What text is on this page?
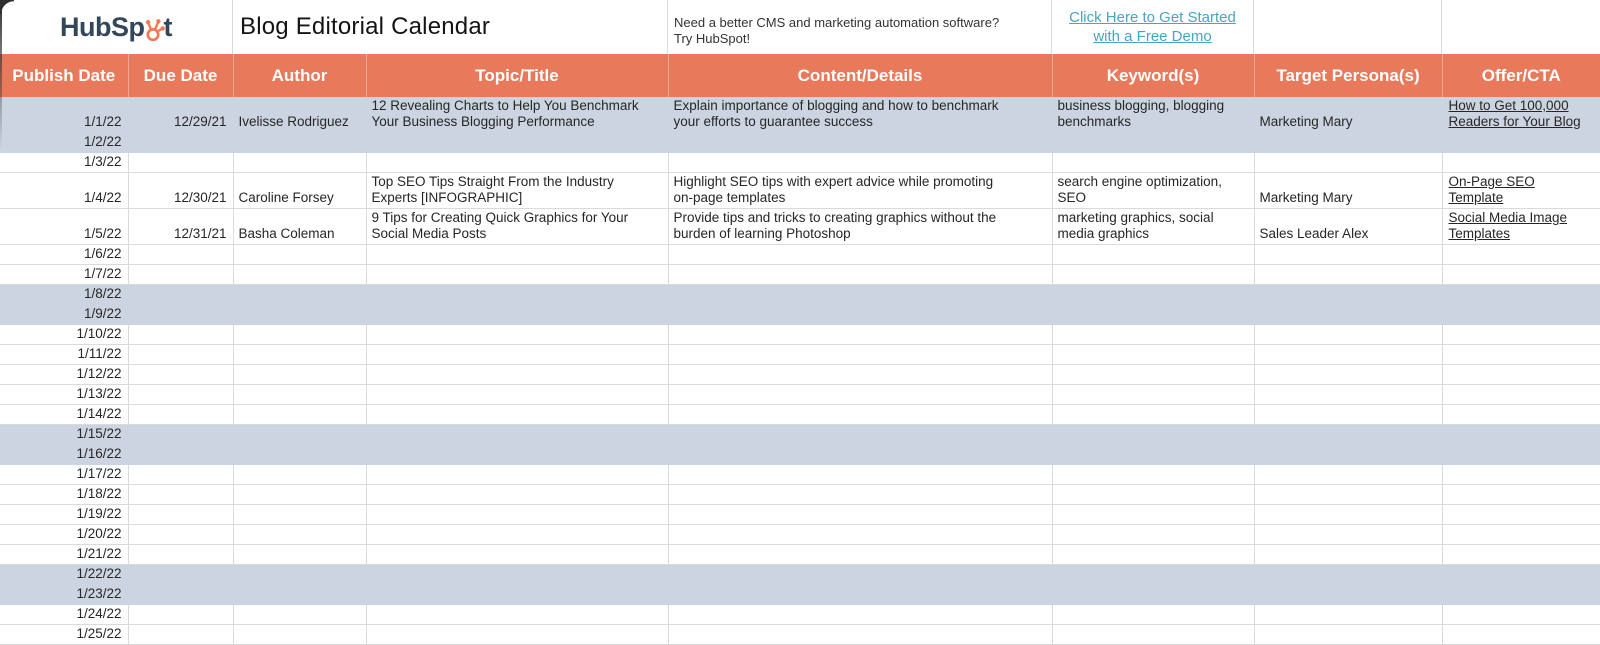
HubSp t	Blog Editorial Calendar	Need a better CMS and marketing automation software?
Try HubSpot!
Click Here to Get Started with a Free Demo
Publish Date	Due Date	Author	Topic/Title	Content/Details	Keyword(s)	Target Persona(s)	Offer/CTA
1/1/22	12/29/21	Ivelisse Rodriguez	12 Revealing Charts to Help You Benchmark Your Business Blogging Performance	Explain importance of blogging and how to benchmark your efforts to guarantee success	business blogging, blogging benchmarks	Marketing Mary	How to Get 100,000 Readers for Your Blog
1/2/22							
1/3/22							
1/4/22	12/30/21	Caroline Forsey	Top SEO Tips Straight From the Industry Experts [INFOGRAPHIC]	Highlight SEO tips with expert advice while promoting on-page templates	search engine optimization, SEO	Marketing Mary	On-Page SEO Template
1/5/22	12/31/21	Basha Coleman	9 Tips for Creating Quick Graphics for Your Social Media Posts	Provide tips and tricks to creating graphics without the burden of learning Photoshop	marketing graphics, social media graphics	Sales Leader Alex	Social Media Image Templates
1/6/22							
1/7/22							
1/8/22							
1/9/22							
1/10/22							
1/11/22							
1/12/22							
1/13/22							
1/14/22							
1/15/22							
1/16/22							
1/17/22							
1/18/22							
1/19/22							
1/20/22							
1/21/22							
1/22/22							
1/23/22							
1/24/22							
1/25/22							
